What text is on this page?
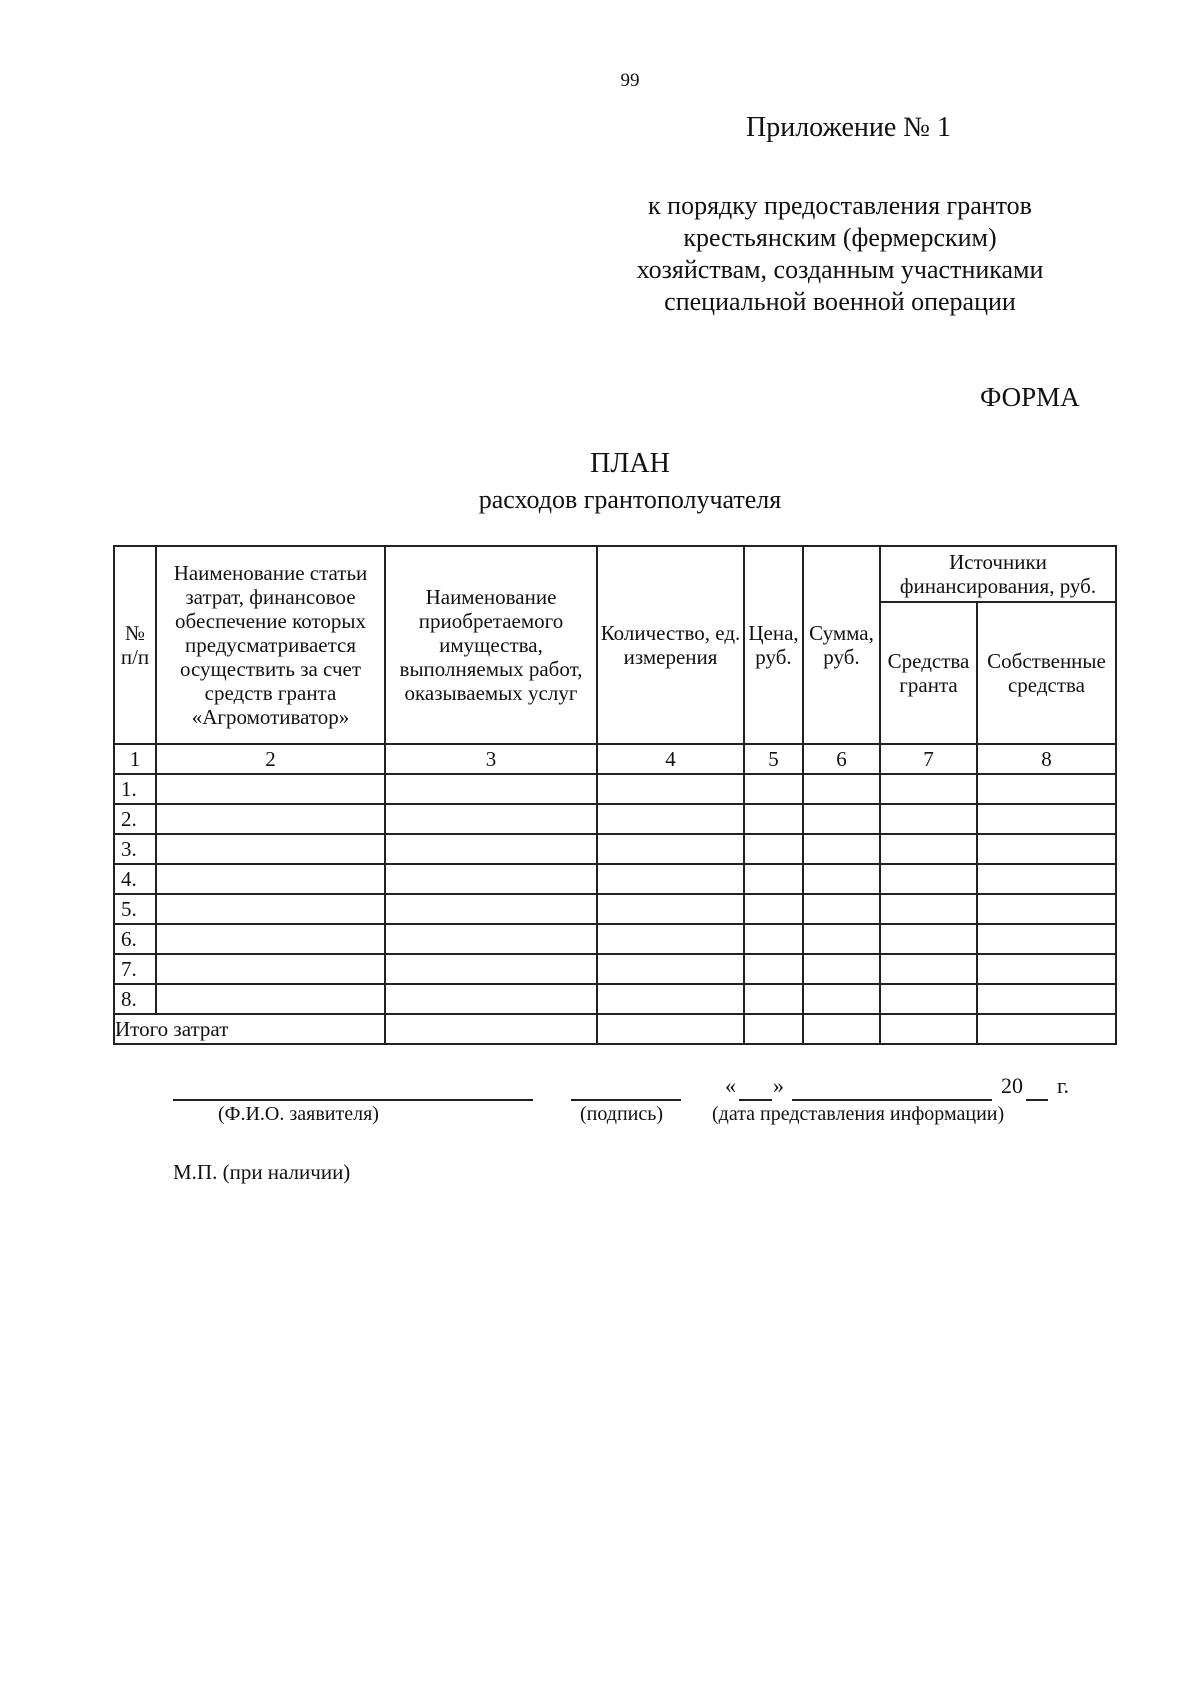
99
Приложение № 1
к порядку предоставления грантов
крестьянским (фермерским)
хозяйствам, созданным участниками
специальной военной операции
ФОРМА
ПЛАН
расходов грантополучателя
№ п/п	Наименование статьи затрат, финансовое обеспечение которых предусматривается осуществить за счет средств гранта «Агромотиватор»	Наименование приобретаемого имущества, выполняемых работ, оказываемых услуг	Количество, ед. измерения	Цена, руб.	Сумма, руб.	Источники финансирования, руб.	
						Средства гранта	Собственные средства
1	2	3	4	5	6	7	8
1.							
2.							
3.							
4.							
5.							
6.							
7.							
8.							
Итого затрат							
(Ф.И.О. заявителя)	(подпись)
« »	20 г.
(дата представления информации)
М.П. (при наличии)
